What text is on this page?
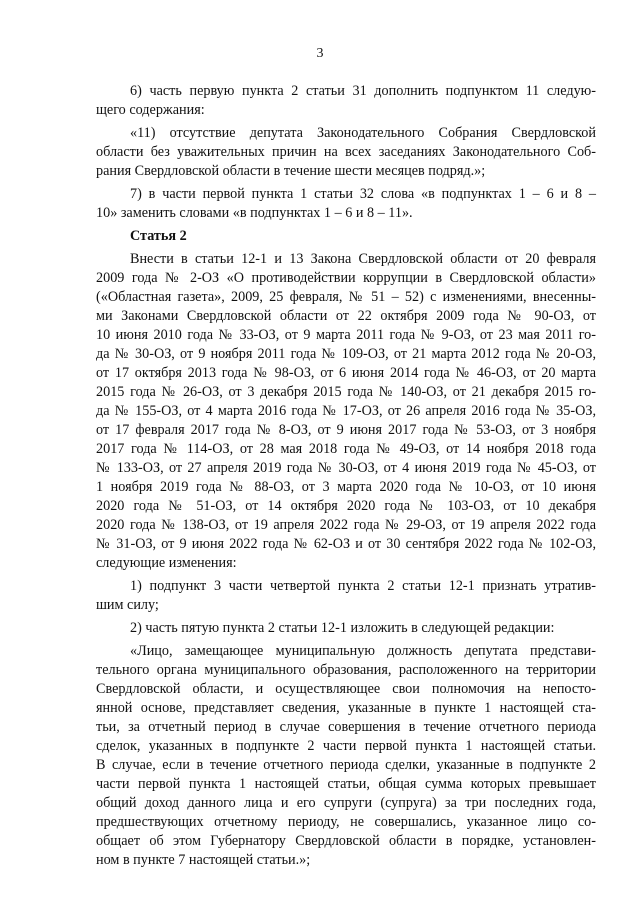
3
6) часть первую пункта 2 статьи 31 дополнить подпунктом 11 следую-
щего содержания:
«11) отсутствие депутата Законодательного Собрания Свердловской
области без уважительных причин на всех заседаниях Законодательного Соб-
рания Свердловской области в течение шести месяцев подряд.»;
7) в части первой пункта 1 статьи 32 слова «в подпунктах 1 – 6 и 8 –
10» заменить словами «в подпунктах 1 – 6 и 8 – 11».
Статья 2
Внести в статьи 12-1 и 13 Закона Свердловской области от 20 февраля
2009 года № 2-ОЗ «О противодействии коррупции в Свердловской области»
(«Областная газета», 2009, 25 февраля, № 51 – 52) с изменениями, внесенны-
ми Законами Свердловской области от 22 октября 2009 года № 90-ОЗ, от
10 июня 2010 года № 33-ОЗ, от 9 марта 2011 года № 9-ОЗ, от 23 мая 2011 го-
да № 30-ОЗ, от 9 ноября 2011 года № 109-ОЗ, от 21 марта 2012 года № 20-ОЗ,
от 17 октября 2013 года № 98-ОЗ, от 6 июня 2014 года № 46-ОЗ, от 20 марта
2015 года № 26-ОЗ, от 3 декабря 2015 года № 140-ОЗ, от 21 декабря 2015 го-
да № 155-ОЗ, от 4 марта 2016 года № 17-ОЗ, от 26 апреля 2016 года № 35-ОЗ,
от 17 февраля 2017 года № 8-ОЗ, от 9 июня 2017 года № 53-ОЗ, от 3 ноября
2017 года № 114-ОЗ, от 28 мая 2018 года № 49-ОЗ, от 14 ноября 2018 года
№ 133-ОЗ, от 27 апреля 2019 года № 30-ОЗ, от 4 июня 2019 года № 45-ОЗ, от
1 ноября 2019 года № 88-ОЗ, от 3 марта 2020 года № 10-ОЗ, от 10 июня
2020 года № 51-ОЗ, от 14 октября 2020 года № 103-ОЗ, от 10 декабря
2020 года № 138-ОЗ, от 19 апреля 2022 года № 29-ОЗ, от 19 апреля 2022 года
№ 31-ОЗ, от 9 июня 2022 года № 62-ОЗ и от 30 сентября 2022 года № 102-ОЗ,
следующие изменения:
1) подпункт 3 части четвертой пункта 2 статьи 12-1 признать утратив-
шим силу;
2) часть пятую пункта 2 статьи 12-1 изложить в следующей редакции:
«Лицо, замещающее муниципальную должность депутата представи-
тельного органа муниципального образования, расположенного на территории
Свердловской области, и осуществляющее свои полномочия на непосто-
янной основе, представляет сведения, указанные в пункте 1 настоящей ста-
тьи, за отчетный период в случае совершения в течение отчетного периода
сделок, указанных в подпункте 2 части первой пункта 1 настоящей статьи.
В случае, если в течение отчетного периода сделки, указанные в подпункте 2
части первой пункта 1 настоящей статьи, общая сумма которых превышает
общий доход данного лица и его супруги (супруга) за три последних года,
предшествующих отчетному периоду, не совершались, указанное лицо со-
общает об этом Губернатору Свердловской области в порядке, установлен-
ном в пункте 7 настоящей статьи.»;
